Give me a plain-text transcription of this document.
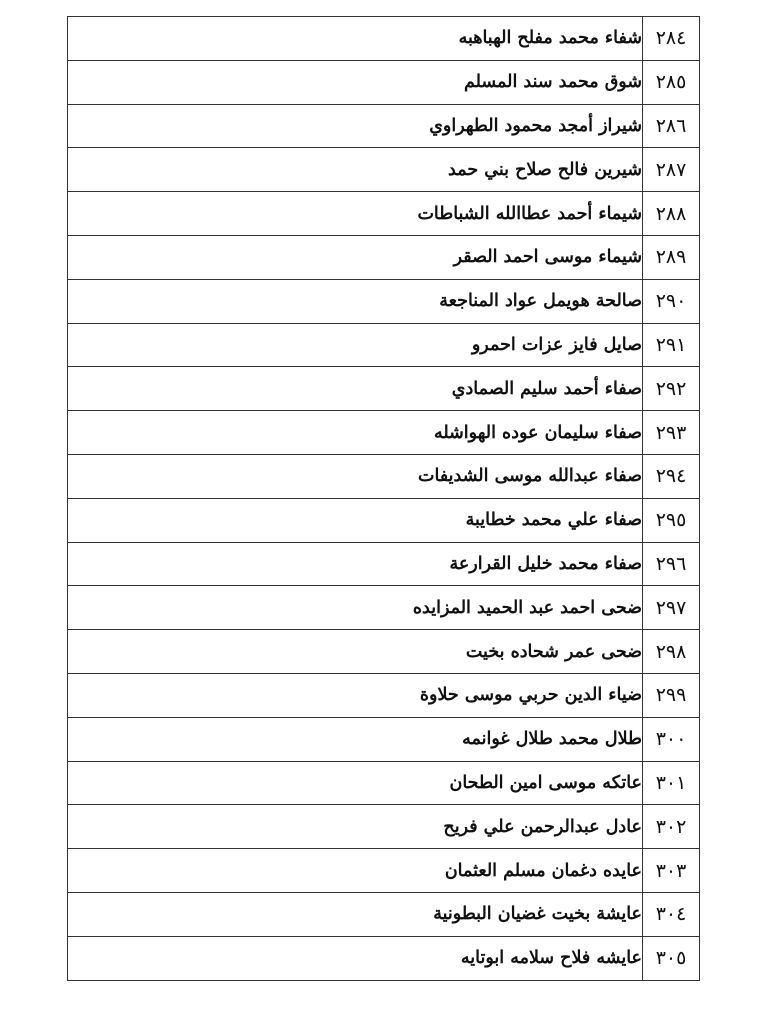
٢٨٤	شفاء محمد مفلح الهباهبه
٢٨٥	شوق محمد سند المسلم
٢٨٦	شيراز أمجد محمود الطهراوي
٢٨٧	شيرين فالح صلاح بني حمد
٢٨٨	شيماء أحمد عطاالله الشباطات
٢٨٩	شيماء موسى احمد الصقر
٢٩٠	صالحة هويمل عواد المناجعة
٢٩١	صايل فايز عزات احمرو
٢٩٢	صفاء أحمد سليم الصمادي
٢٩٣	صفاء سليمان عوده الهواشله
٢٩٤	صفاء عبدالله موسى الشديفات
٢٩٥	صفاء علي محمد خطايبة
٢٩٦	صفاء محمد خليل القرارعة
٢٩٧	ضحى احمد عبد الحميد المزايده
٢٩٨	ضحى عمر شحاده بخيت
٢٩٩	ضياء الدين حربي موسى حلاوة
٣٠٠	طلال محمد طلال غوانمه
٣٠١	عاتكه موسى امين الطحان
٣٠٢	عادل عبدالرحمن علي فريح
٣٠٣	عايده دغمان مسلم العثمان
٣٠٤	عايشة بخيت غضيان البطونية
٣٠٥	عايشه فلاح سلامه ابوتايه
